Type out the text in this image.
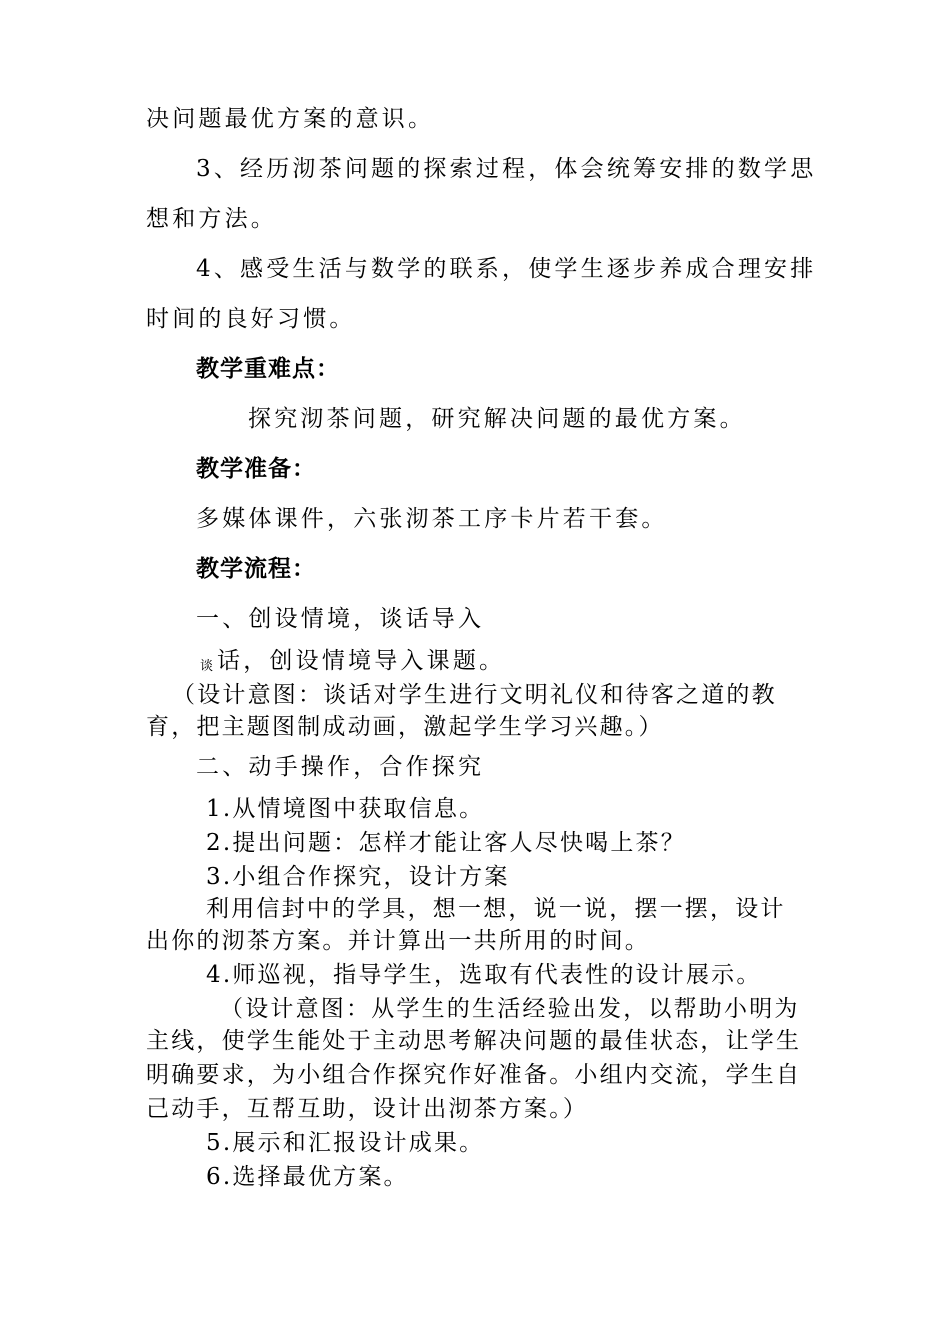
决问题最优方案的意识。
3、经历沏茶问题的探索过程，体会统筹安排的数学思
想和方法。
4、感受生活与数学的联系，使学生逐步养成合理安排
时间的良好习惯。
教学重难点：
探究沏茶问题，研究解决问题的最优方案。
教学准备：
多媒体课件，六张沏茶工序卡片若干套。
教学流程：
一、创设情境，谈话导入
谈 话，创设情境导入课题。
（设计意图：谈话对学生进行文明礼仪和待客之道的教
育，把主题图制成动画，激起学生学习兴趣。）
二、动手操作，合作探究
1.从情境图中获取信息。
2.提出问题：怎样才能让客人尽快喝上茶？
3.小组合作探究，设计方案
利用信封中的学具，想一想，说一说，摆一摆，设计
出你的沏茶方案。并计算出一共所用的时间。
4.师巡视，指导学生，选取有代表性的设计展示。
（设计意图：从学生的生活经验出发，以帮助小明为
主线，使学生能处于主动思考解决问题的最佳状态，让学生
明确要求，为小组合作探究作好准备。小组内交流，学生自
己动手，互帮互助，设计出沏茶方案。）
5.展示和汇报设计成果。
6.选择最优方案。
